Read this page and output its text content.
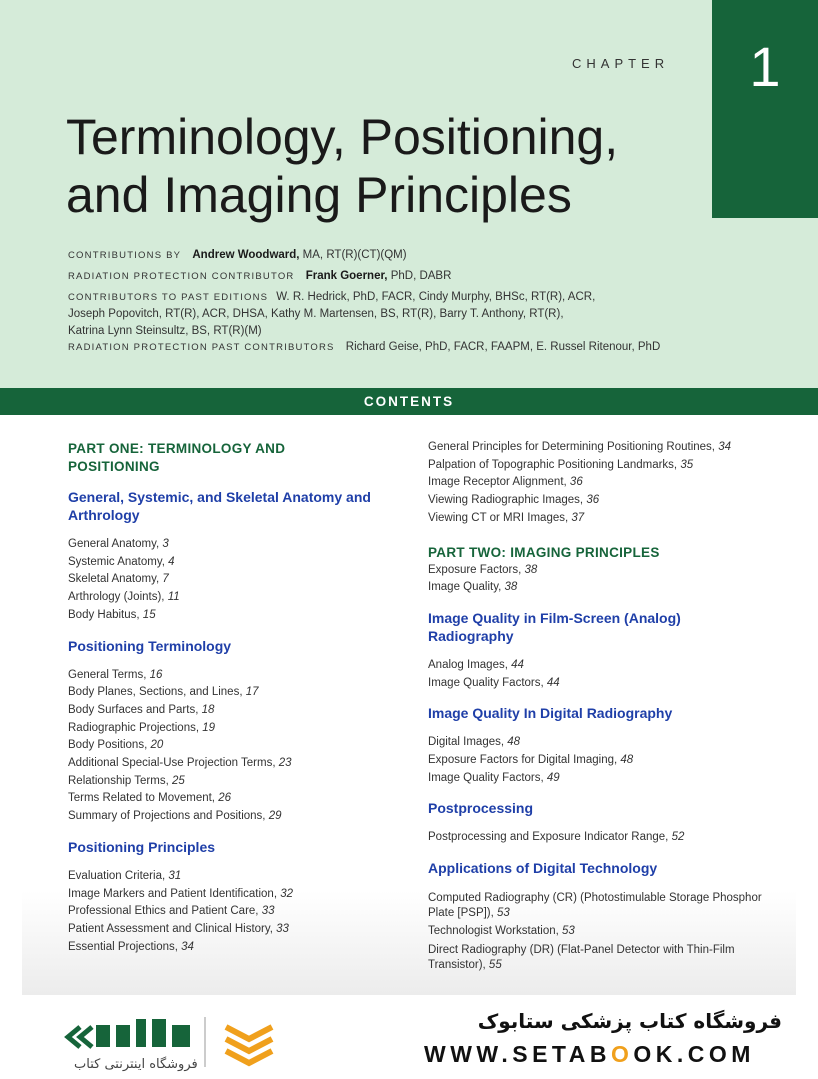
CHAPTER	1
Terminology, Positioning,
and Imaging Principles
CONTRIBUTIONS BY Andrew Woodward, MA, RT(R)(CT)(QM)
RADIATION PROTECTION CONTRIBUTOR Frank Goerner, PhD, DABR
CONTRIBUTORS TO PAST EDITIONS W. R. Hedrick, PhD, FACR, Cindy Murphy, BHSc, RT(R), ACR,
Joseph Popovitch, RT(R), ACR, DHSA, Kathy M. Martensen, BS, RT(R), Barry T. Anthony, RT(R),
Katrina Lynn Steinsultz, BS, RT(R)(M)
RADIATION PROTECTION PAST CONTRIBUTORS Richard Geise, PhD, FACR, FAAPM, E. Russel Ritenour, PhD
CONTENTS

PART ONE: TERMINOLOGY AND POSITIONING

General, Systemic, and Skeletal Anatomy and Arthrology

General Anatomy, 3

Systemic Anatomy, 4

Skeletal Anatomy, 7

Arthrology (Joints), 11

Body Habitus, 15

Positioning Terminology

General Terms, 16

Body Planes, Sections, and Lines, 17

Body Surfaces and Parts, 18

Radiographic Projections, 19

Body Positions, 20

Additional Special-Use Projection Terms, 23

Relationship Terms, 25

Terms Related to Movement, 26

Summary of Projections and Positions, 29

Positioning Principles

Evaluation Criteria, 31

Image Markers and Patient Identification, 32

Professional Ethics and Patient Care, 33

Patient Assessment and Clinical History, 33

Essential Projections, 34

General Principles for Determining Positioning Routines, 34

Palpation of Topographic Positioning Landmarks, 35

Image Receptor Alignment, 36

Viewing Radiographic Images, 36

Viewing CT or MRI Images, 37

PART TWO: IMAGING PRINCIPLES

Exposure Factors, 38

Image Quality, 38

Image Quality in Film-Screen (Analog) Radiography

Analog Images, 44

Image Quality Factors, 44

Image Quality In Digital Radiography

Digital Images, 48

Exposure Factors for Digital Imaging, 48

Image Quality Factors, 49

Postprocessing

Postprocessing and Exposure Indicator Range, 52

Applications of Digital Technology

Computed Radiography (CR) (Photostimulable Storage Phosphor Plate [PSP]), 53

Technologist Workstation, 53

Direct Radiography (DR) (Flat-Panel Detector with Thin-Film Transistor), 55

فروشگاه اینترنتی کتاب
فروشگاه کتاب پزشکی ستابوک
WWW.SETABOOK.COM
